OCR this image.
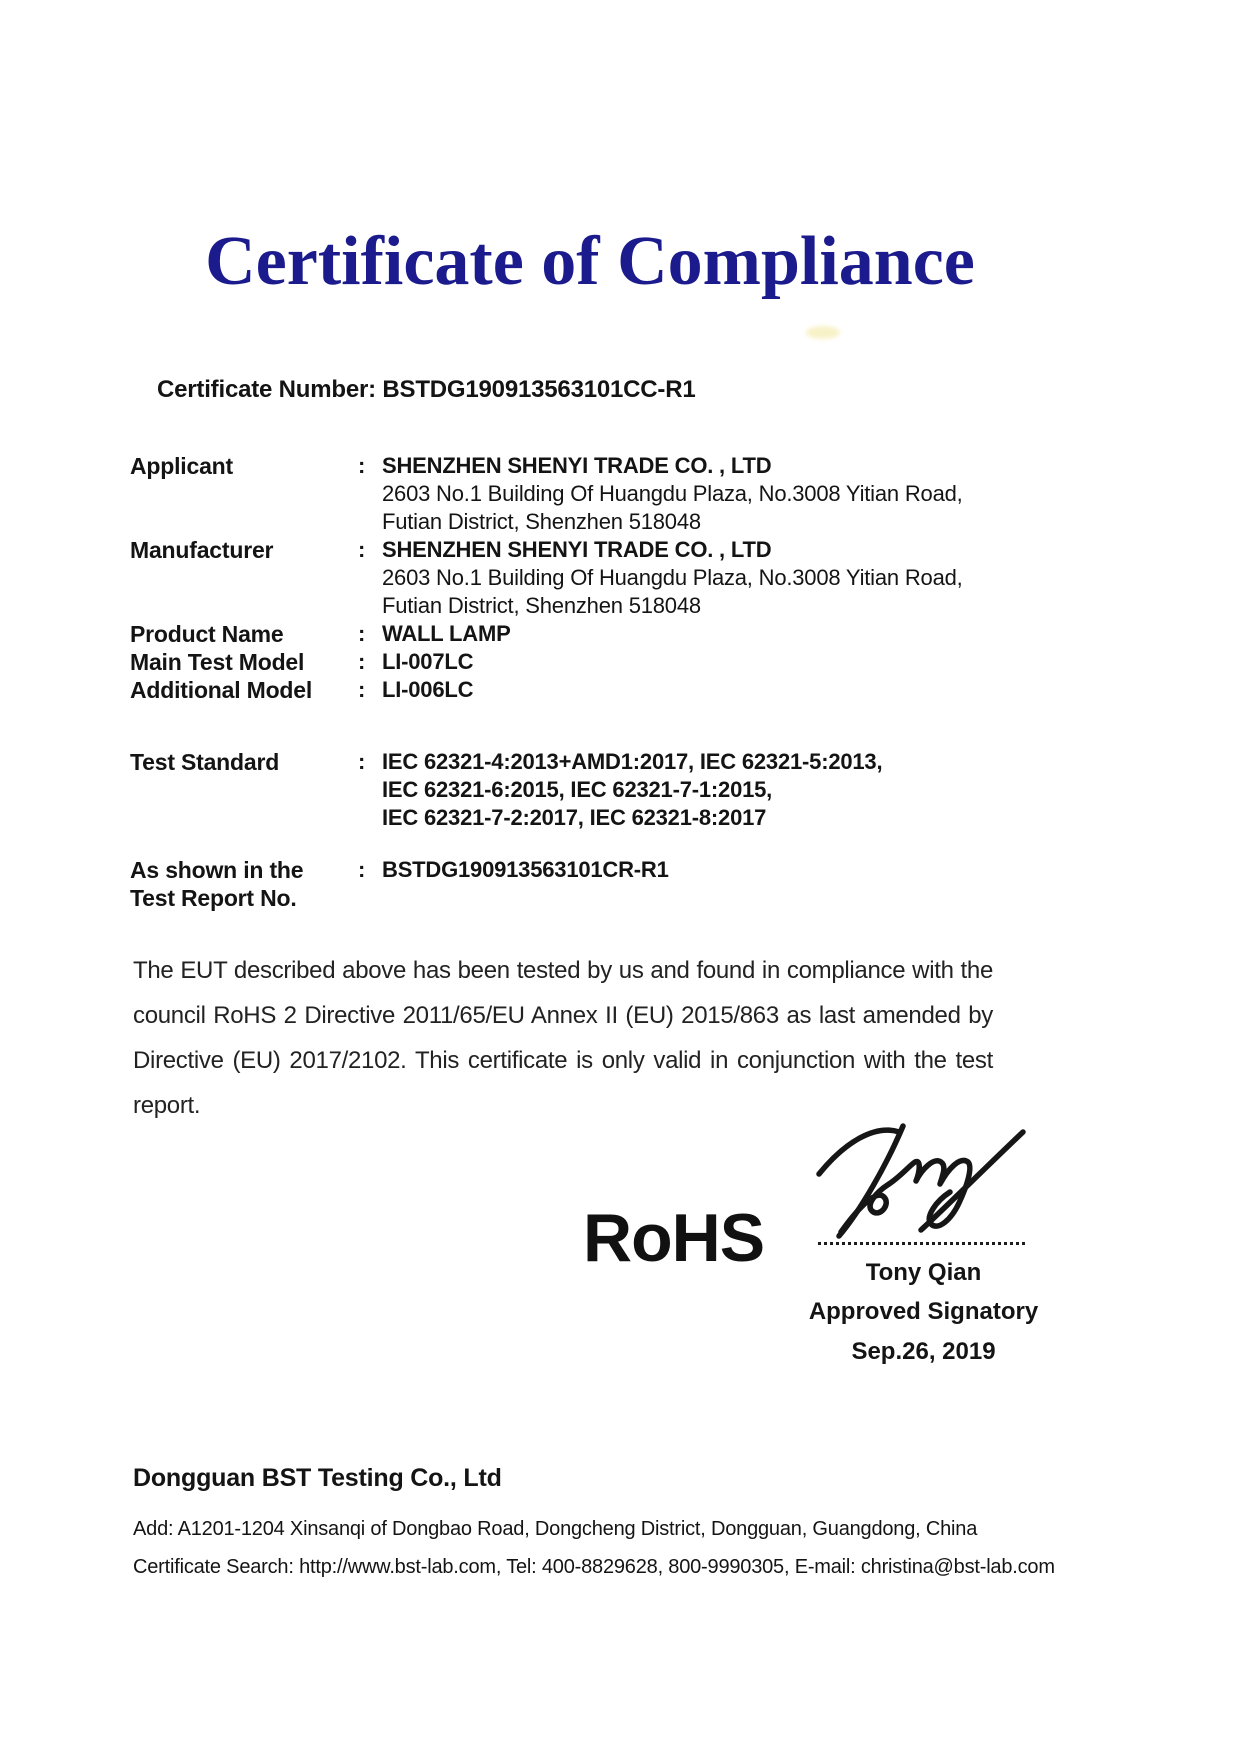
Certificate of Compliance
Certificate Number: BSTDG190913563101CC-R1
Applicant	: SHENZHEN SHENYI TRADE CO. , LTD
2603 No.1 Building Of Huangdu Plaza, No.3008 Yitian Road,
Futian District, Shenzhen 518048
Manufacturer	: SHENZHEN SHENYI TRADE CO. , LTD
2603 No.1 Building Of Huangdu Plaza, No.3008 Yitian Road,
Futian District, Shenzhen 518048
Product Name	: WALL LAMP
Main Test Model	: LI-007LC
Additional Model	: LI-006LC
Test Standard	: IEC 62321-4:2013+AMD1:2017, IEC 62321-5:2013,
IEC 62321-6:2015, IEC 62321-7-1:2015,
IEC 62321-7-2:2017, IEC 62321-8:2017
As shown in the
Test Report No.
: BSTDG190913563101CR-R1
The EUT described above has been tested by us and found in compliance with the council RoHS 2 Directive 2011/65/EU Annex II (EU) 2015/863 as last amended by Directive (EU) 2017/2102. This certificate is only valid in conjunction with the test report.
RoHS	Tony Qian
Approved Signatory
Sep.26, 2019
Dongguan BST Testing Co., Ltd
Add: A1201-1204 Xinsanqi of Dongbao Road, Dongcheng District, Dongguan, Guangdong, China
Certificate Search: http://www.bst-lab.com, Tel: 400-8829628, 800-9990305, E-mail: christina@bst-lab.com
